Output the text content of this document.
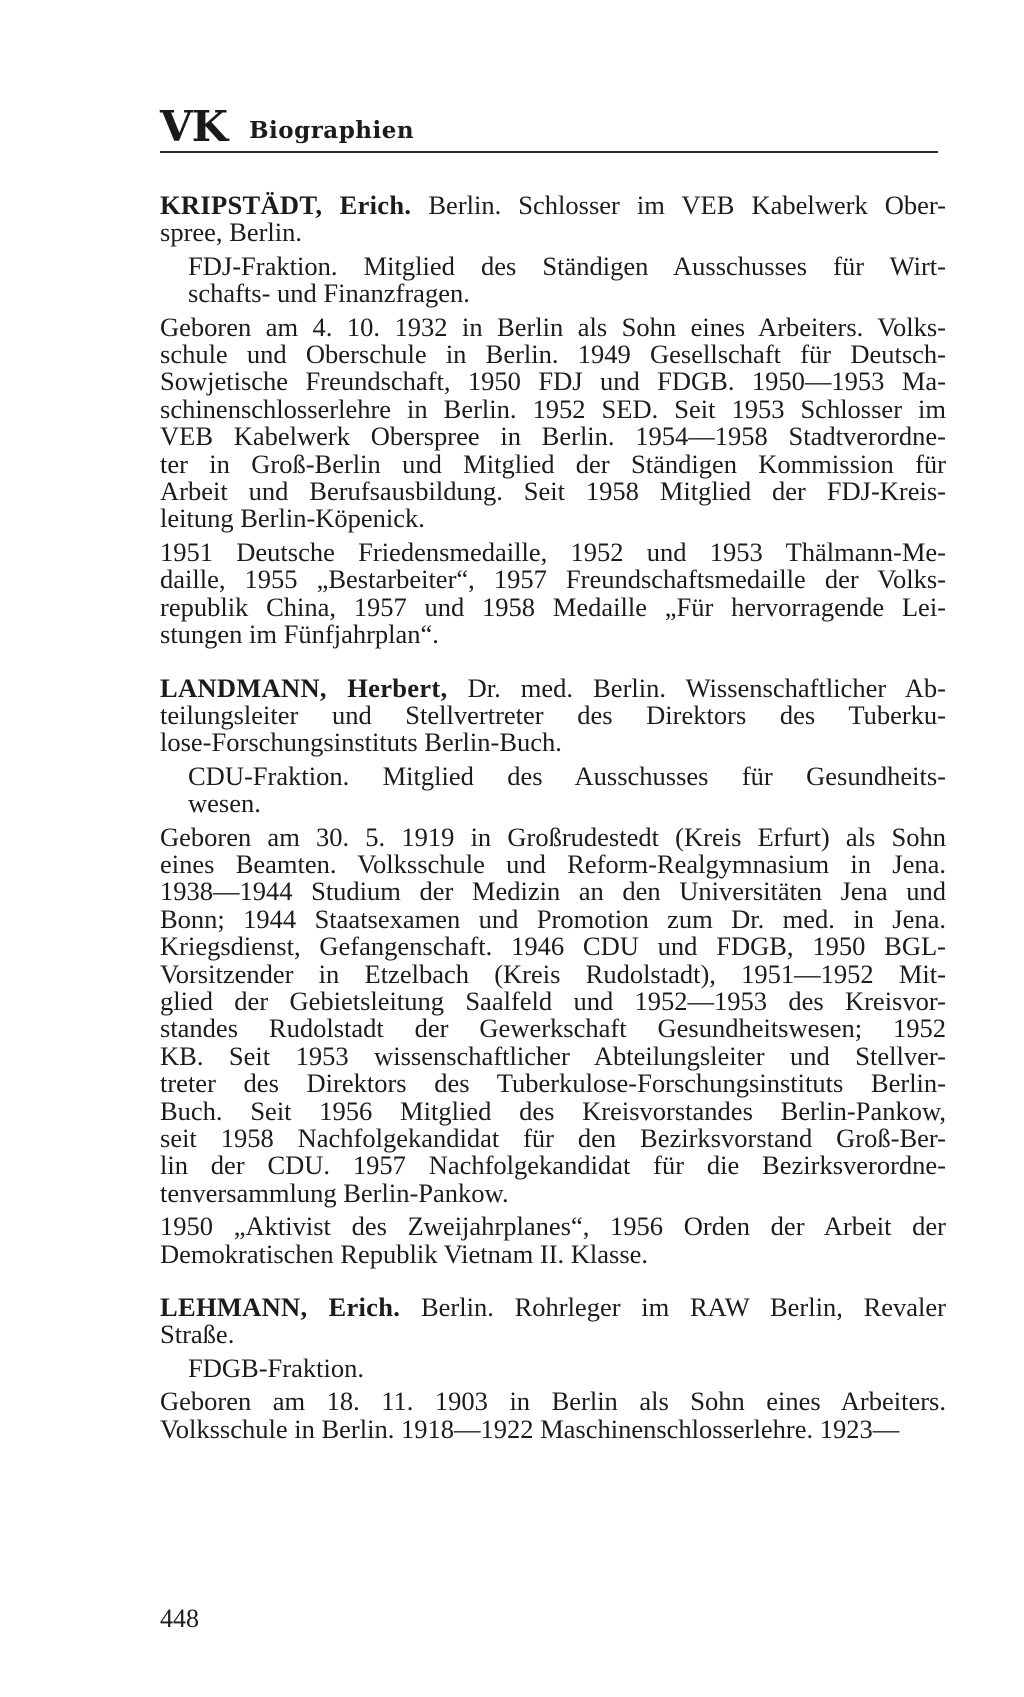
VK Biographien

KRIPSTÄDT, Erich. Berlin. Schlosser im VEB Kabelwerk Ober-
spree, Berlin.

FDJ-Fraktion. Mitglied des Ständigen Ausschusses für Wirt-
schafts- und Finanzfragen.

Geboren am 4. 10. 1932 in Berlin als Sohn eines Arbeiters. Volks-
schule und Oberschule in Berlin. 1949 Gesellschaft für Deutsch-
Sowjetische Freundschaft, 1950 FDJ und FDGB. 1950—1953 Ma-
schinenschlosserlehre in Berlin. 1952 SED. Seit 1953 Schlosser im
VEB Kabelwerk Oberspree in Berlin. 1954—1958 Stadtverordne-
ter in Groß-Berlin und Mitglied der Ständigen Kommission für
Arbeit und Berufsausbildung. Seit 1958 Mitglied der FDJ-Kreis-
leitung Berlin-Köpenick.

1951 Deutsche Friedensmedaille, 1952 und 1953 Thälmann-Me-
daille, 1955 „Bestarbeiter“, 1957 Freundschaftsmedaille der Volks-
republik China, 1957 und 1958 Medaille „Für hervorragende Lei-
stungen im Fünfjahrplan“.

LANDMANN, Herbert, Dr. med. Berlin. Wissenschaftlicher Ab-
teilungsleiter und Stellvertreter des Direktors des Tuberku-
lose-Forschungsinstituts Berlin-Buch.

CDU-Fraktion. Mitglied des Ausschusses für Gesundheits-
wesen.

Geboren am 30. 5. 1919 in Großrudestedt (Kreis Erfurt) als Sohn
eines Beamten. Volksschule und Reform-Realgymnasium in Jena.
1938—1944 Studium der Medizin an den Universitäten Jena und
Bonn; 1944 Staatsexamen und Promotion zum Dr. med. in Jena.
Kriegsdienst, Gefangenschaft. 1946 CDU und FDGB, 1950 BGL-
Vorsitzender in Etzelbach (Kreis Rudolstadt), 1951—1952 Mit-
glied der Gebietsleitung Saalfeld und 1952—1953 des Kreisvor-
standes Rudolstadt der Gewerkschaft Gesundheitswesen; 1952
KB. Seit 1953 wissenschaftlicher Abteilungsleiter und Stellver-
treter des Direktors des Tuberkulose-Forschungsinstituts Berlin-
Buch. Seit 1956 Mitglied des Kreisvorstandes Berlin-Pankow,
seit 1958 Nachfolgekandidat für den Bezirksvorstand Groß-Ber-
lin der CDU. 1957 Nachfolgekandidat für die Bezirksverordne-
tenversammlung Berlin-Pankow.

1950 „Aktivist des Zweijahrplanes“, 1956 Orden der Arbeit der
Demokratischen Republik Vietnam II. Klasse.

LEHMANN, Erich. Berlin. Rohrleger im RAW Berlin, Revaler
Straße.

FDGB-Fraktion.

Geboren am 18. 11. 1903 in Berlin als Sohn eines Arbeiters.
Volksschule in Berlin. 1918—1922 Maschinenschlosserlehre. 1923—

448
